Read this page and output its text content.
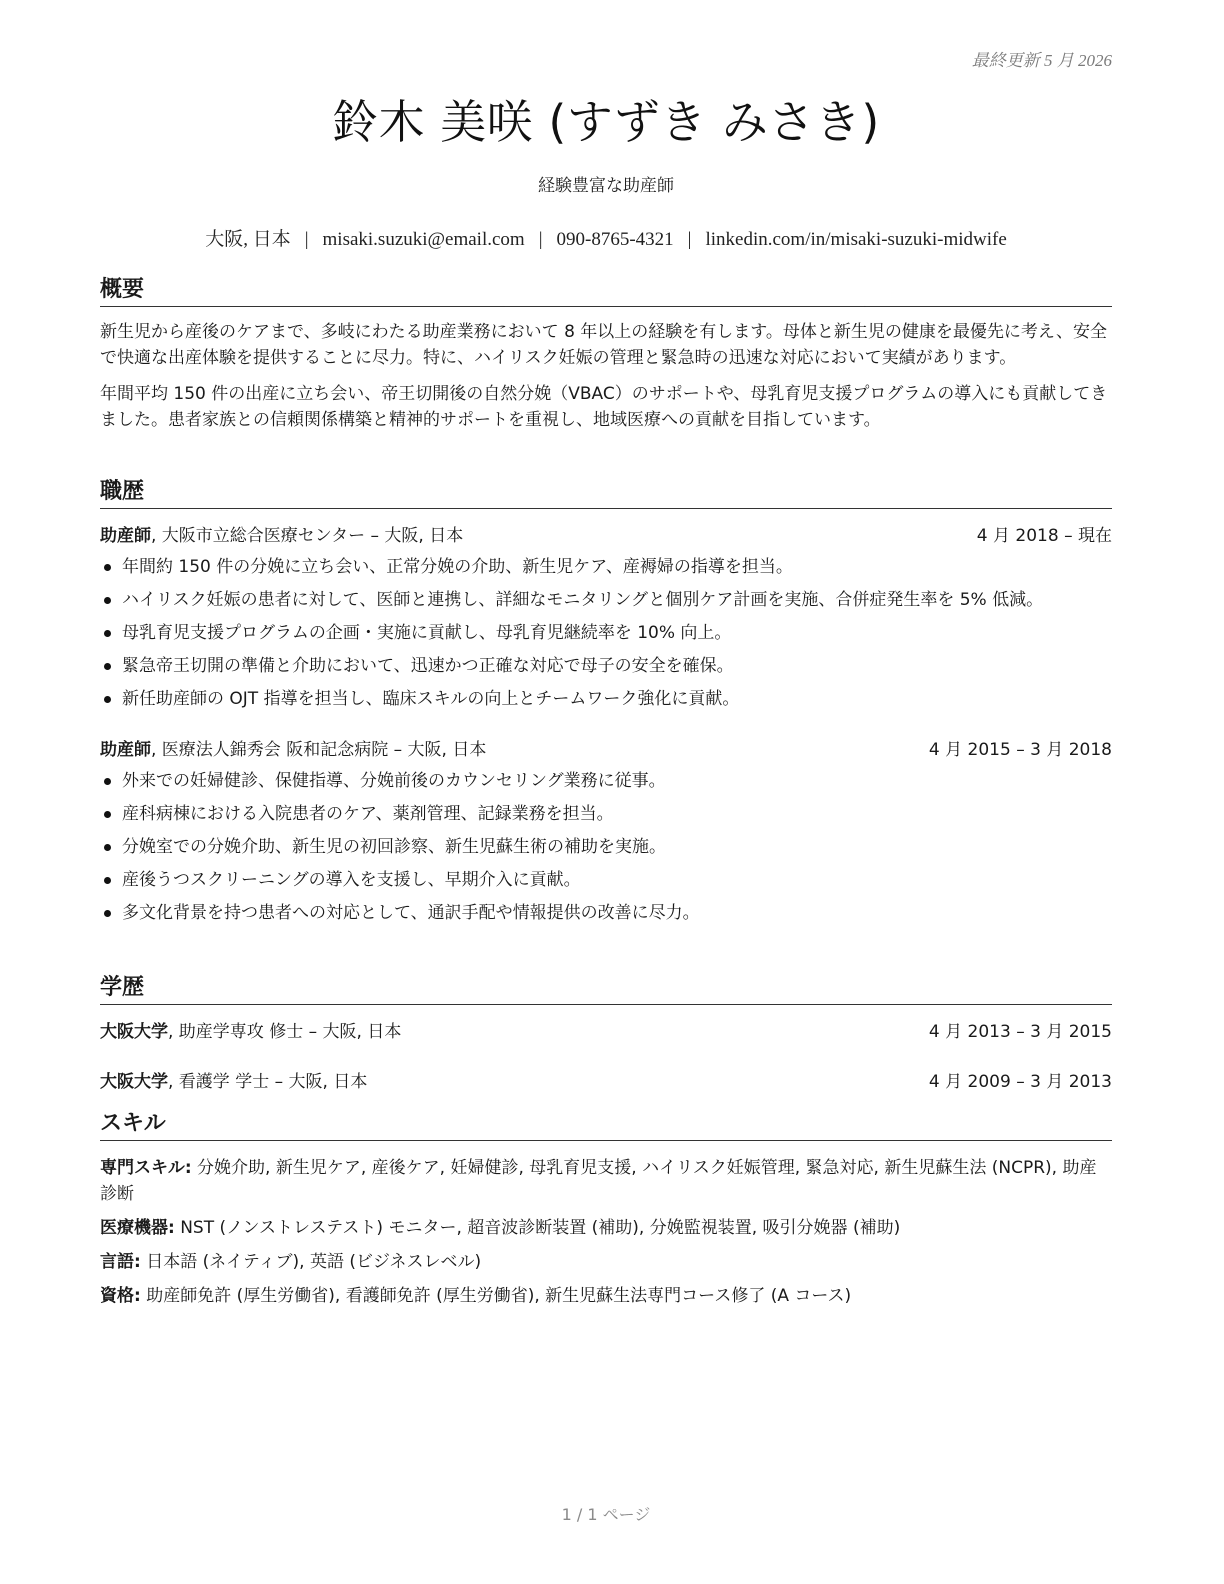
最終更新 5 月 2026
鈴木 美咲 (すずき みさき)
経験豊富な助産師
大阪, 日本 | misaki.suzuki@email.com | 090-8765-4321 | linkedin.com/in/misaki-suzuki-midwife
概要

新生児から産後のケアまで、多岐にわたる助産業務において 8 年以上の経験を有します。母体と新生児の健康を最優先に考え、安全で快適な出産体験を提供することに尽力。特に、ハイリスク妊娠の管理と緊急時の迅速な対応において実績があります。

年間平均 150 件の出産に立ち会い、帝王切開後の自然分娩（VBAC）のサポートや、母乳育児支援プログラムの導入にも貢献してきました。患者家族との信頼関係構築と精神的サポートを重視し、地域医療への貢献を目指しています。

職歴
助産師, 大阪市立総合医療センター – 大阪, 日本	4 月 2018 – 現在
年間約 150 件の分娩に立ち会い、正常分娩の介助、新生児ケア、産褥婦の指導を担当。
ハイリスク妊娠の患者に対して、医師と連携し、詳細なモニタリングと個別ケア計画を実施、合併症発生率を 5% 低減。
母乳育児支援プログラムの企画・実施に貢献し、母乳育児継続率を 10% 向上。
緊急帝王切開の準備と介助において、迅速かつ正確な対応で母子の安全を確保。
新任助産師の OJT 指導を担当し、臨床スキルの向上とチームワーク強化に貢献。
助産師, 医療法人錦秀会 阪和記念病院 – 大阪, 日本	4 月 2015 – 3 月 2018
外来での妊婦健診、保健指導、分娩前後のカウンセリング業務に従事。
産科病棟における入院患者のケア、薬剤管理、記録業務を担当。
分娩室での分娩介助、新生児の初回診察、新生児蘇生術の補助を実施。
産後うつスクリーニングの導入を支援し、早期介入に貢献。
多文化背景を持つ患者への対応として、通訳手配や情報提供の改善に尽力。
学歴
大阪大学, 助産学専攻 修士 – 大阪, 日本	4 月 2013 – 3 月 2015
大阪大学, 看護学 学士 – 大阪, 日本	4 月 2009 – 3 月 2013
スキル

専門スキル: 分娩介助, 新生児ケア, 産後ケア, 妊婦健診, 母乳育児支援, ハイリスク妊娠管理, 緊急対応, 新生児蘇生法 (NCPR), 助産診断

医療機器: NST (ノンストレステスト) モニター, 超音波診断装置 (補助), 分娩監視装置, 吸引分娩器 (補助)

言語: 日本語 (ネイティブ), 英語 (ビジネスレベル)

資格: 助産師免許 (厚生労働省), 看護師免許 (厚生労働省), 新生児蘇生法専門コース修了 (A コース)

1 / 1 ページ
